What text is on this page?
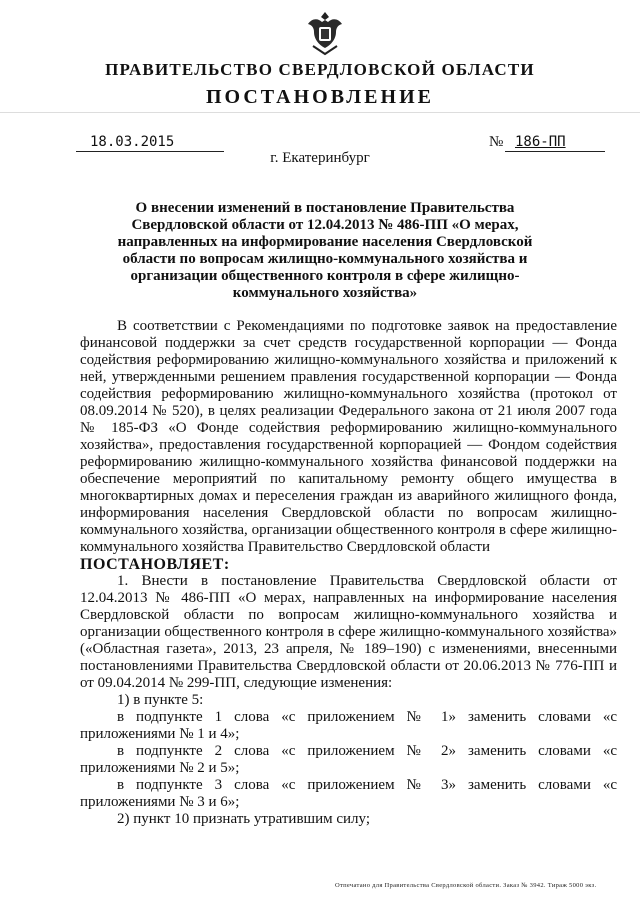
ПРАВИТЕЛЬСТВО СВЕРДЛОВСКОЙ ОБЛАСТИ
ПОСТАНОВЛЕНИЕ
18.03.2015	№ 186-ПП
г. Екатеринбург
О внесении изменений в постановление Правительства Свердловской области от 12.04.2013 № 486-ПП «О мерах, направленных на информирование населения Свердловской области по вопросам жилищно-коммунального хозяйства и организации общественного контроля в сфере жилищно-коммунального хозяйства»

В соответствии с Рекомендациями по подготовке заявок на предоставление финансовой поддержки за счет средств государственной корпорации — Фонда содействия реформированию жилищно-коммунального хозяйства и приложений к ней, утвержденными решением правления государственной корпорации — Фонда содействия реформированию жилищно-коммунального хозяйства (протокол от 08.09.2014 № 520), в целях реализации Федерального закона от 21 июля 2007 года № 185-ФЗ «О Фонде содействия реформированию жилищно-коммунального хозяйства», предоставления государственной корпорацией — Фондом содействия реформированию жилищно-коммунального хозяйства финансовой поддержки на обеспечение мероприятий по капитальному ремонту общего имущества в многоквартирных домах и переселения граждан из аварийного жилищного фонда, информирования населения Свердловской области по вопросам жилищно-коммунального хозяйства, организации общественного контроля в сфере жилищно-коммунального хозяйства Правительство Свердловской области

ПОСТАНОВЛЯЕТ:

1. Внести в постановление Правительства Свердловской области от 12.04.2013 № 486-ПП «О мерах, направленных на информирование населения Свердловской области по вопросам жилищно-коммунального хозяйства и организации общественного контроля в сфере жилищно-коммунального хозяйства» («Областная газета», 2013, 23 апреля, № 189–190) с изменениями, внесенными постановлениями Правительства Свердловской области от 20.06.2013 № 776-ПП и от 09.04.2014 № 299-ПП, следующие изменения:

1) в пункте 5:

в подпункте 1 слова «с приложением № 1» заменить словами «с приложениями № 1 и 4»;

в подпункте 2 слова «с приложением № 2» заменить словами «с приложениями № 2 и 5»;

в подпункте 3 слова «с приложением № 3» заменить словами «с приложениями № 3 и 6»;

2) пункт 10 признать утратившим силу;

Отпечатано для Правительства Свердловской области. Заказ № 3942. Тираж 5000 экз.
